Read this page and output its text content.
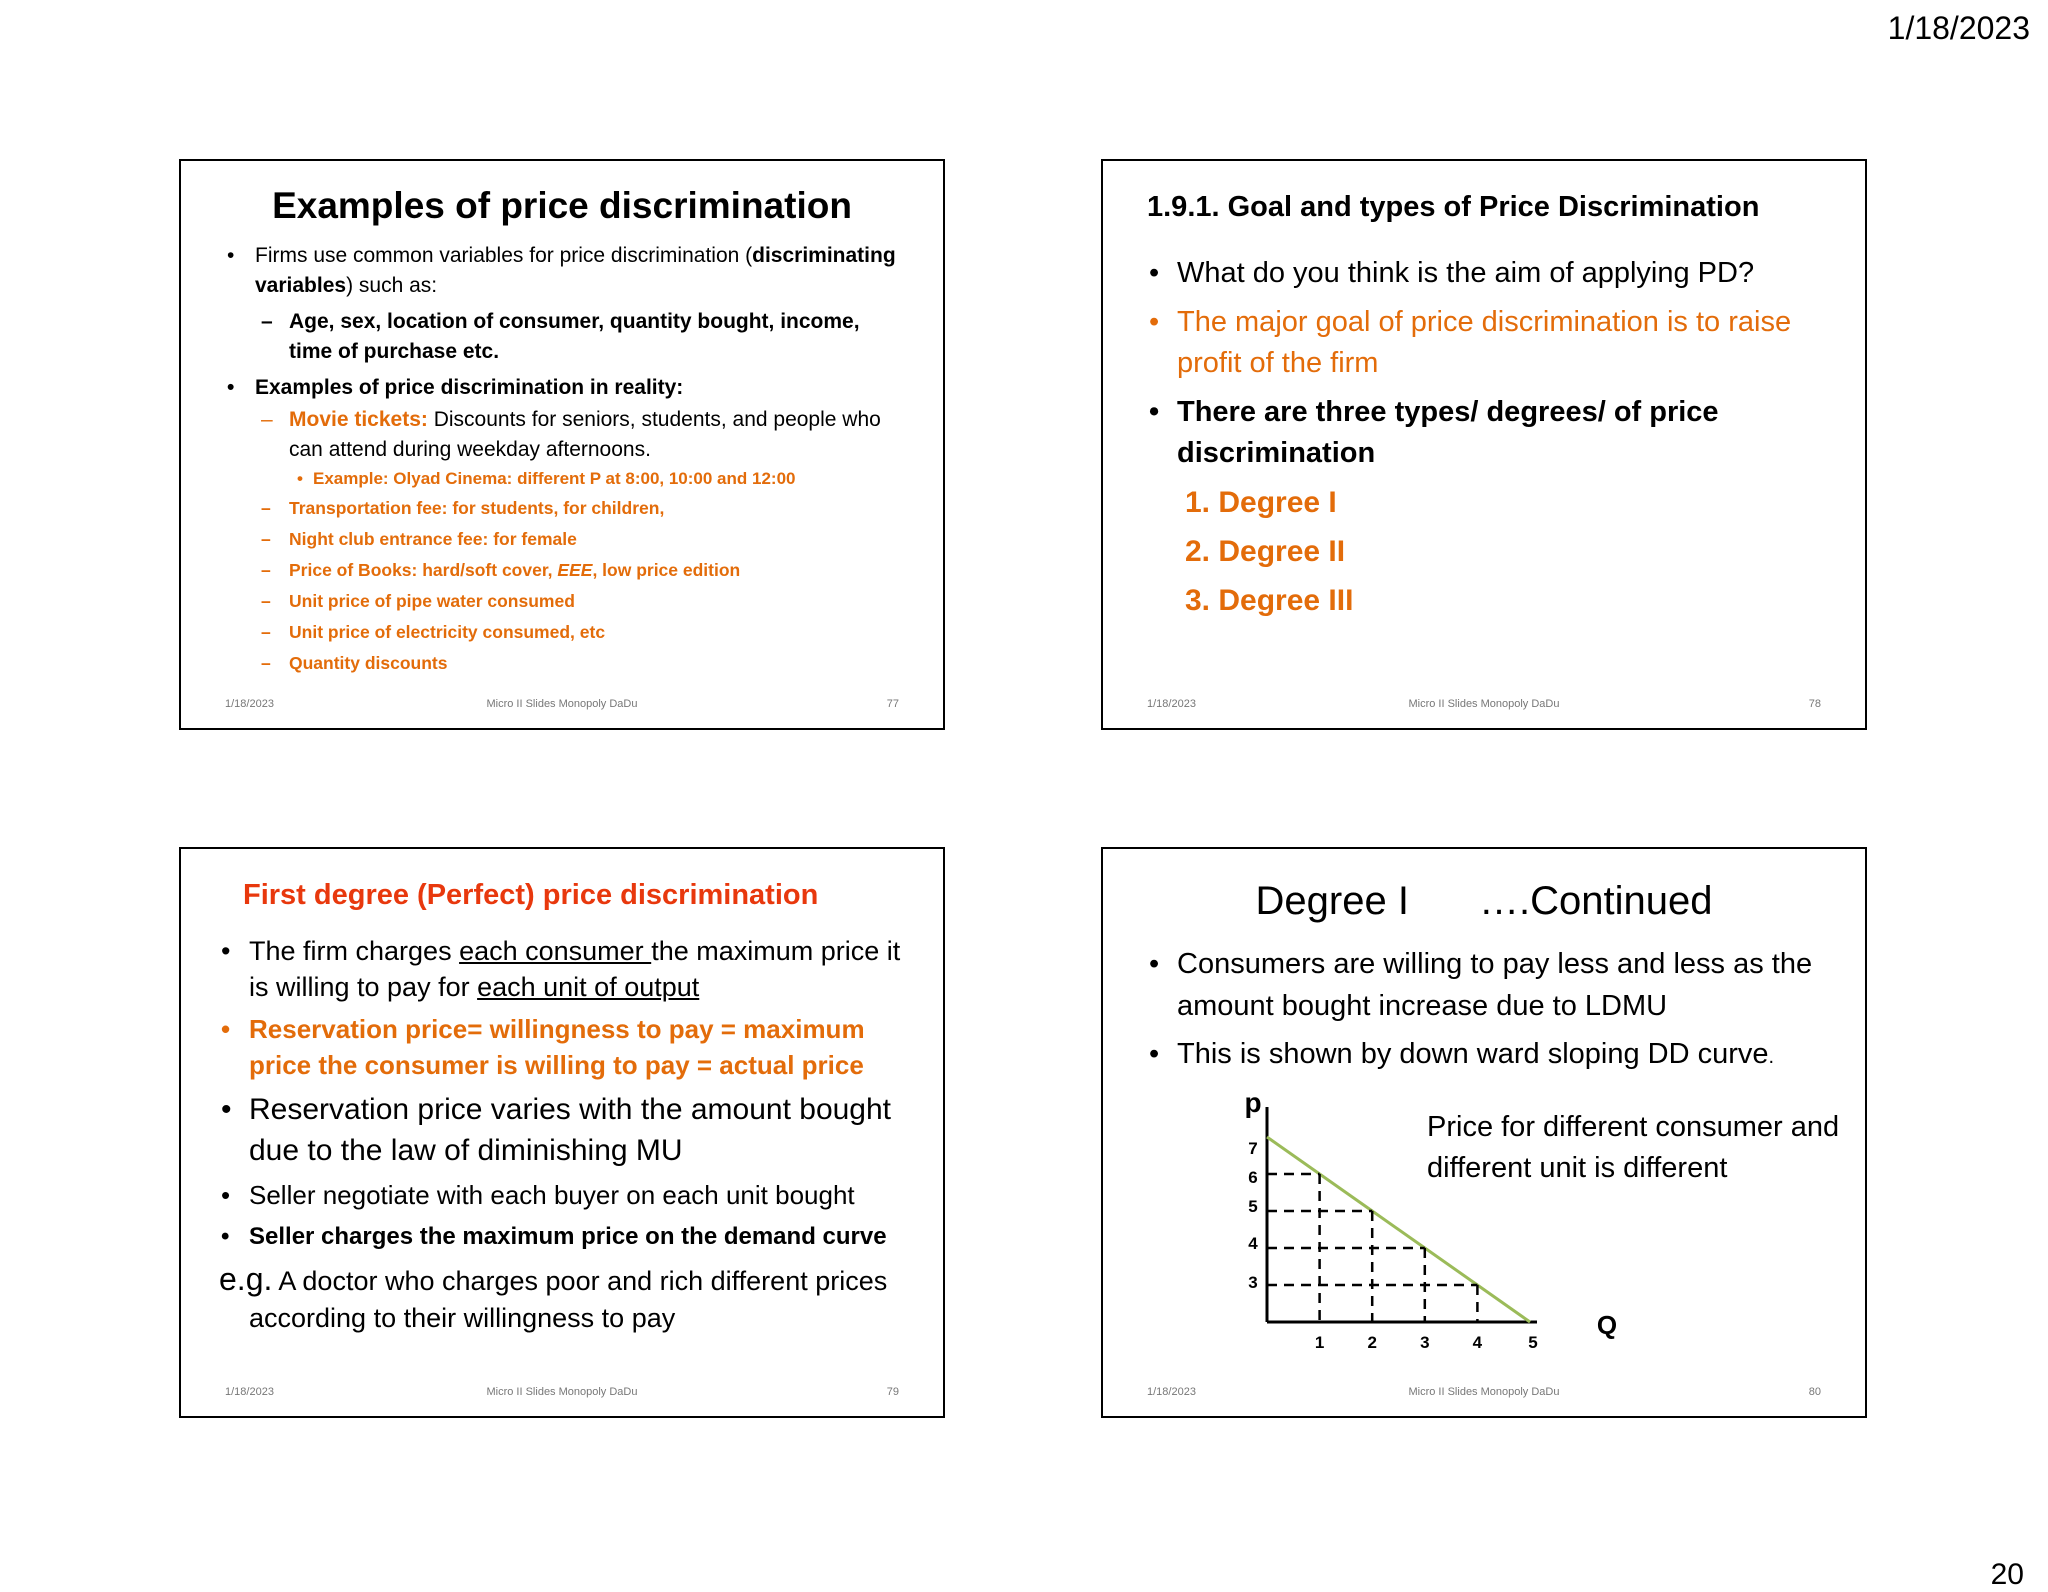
1/18/2023
Examples of price discrimination
• Firms use common variables for price discrimination (discriminating variables) such as:
– Age, sex, location of consumer, quantity bought, income, time of purchase etc.
• Examples of price discrimination in reality:
– Movie tickets: Discounts for seniors, students, and people who can attend during weekday afternoons.
• Example: Olyad Cinema: different P at 8:00, 10:00 and 12:00
– Transportation fee: for students, for children,
– Night club entrance fee: for female
– Price of Books: hard/soft cover, EEE, low price edition
– Unit price of pipe water consumed
– Unit price of electricity consumed, etc
– Quantity discounts
1/18/2023	Micro II Slides Monopoly DaDu	77
1.9.1. Goal and types of Price Discrimination
• What do you think is the aim of applying PD?
• The major goal of price discrimination is to raise profit of the firm
• There are three types/ degrees/ of price discrimination
1. Degree I
2. Degree II
3. Degree III
1/18/2023	Micro II Slides Monopoly DaDu	78
First degree (Perfect) price discrimination
• The firm charges each consumer the maximum price it is willing to pay for each unit of output
• Reservation price= willingness to pay = maximum price the consumer is willing to pay = actual price
• Reservation price varies with the amount bought due to the law of diminishing MU
• Seller negotiate with each buyer on each unit bought
• Seller charges the maximum price on the demand curve
e.g. A doctor who charges poor and rich different prices according to their willingness to pay
1/18/2023	Micro II Slides Monopoly DaDu	79
Degree I ….Continued
• Consumers are willing to pay less and less as the amount bought increase due to LDMU
• This is shown by down ward sloping DD curve.
Price for different consumer and different unit is different
1	2	3	4	5
3
4
5
6
7
p
Q
1/18/2023	Micro II Slides Monopoly DaDu	80
20
